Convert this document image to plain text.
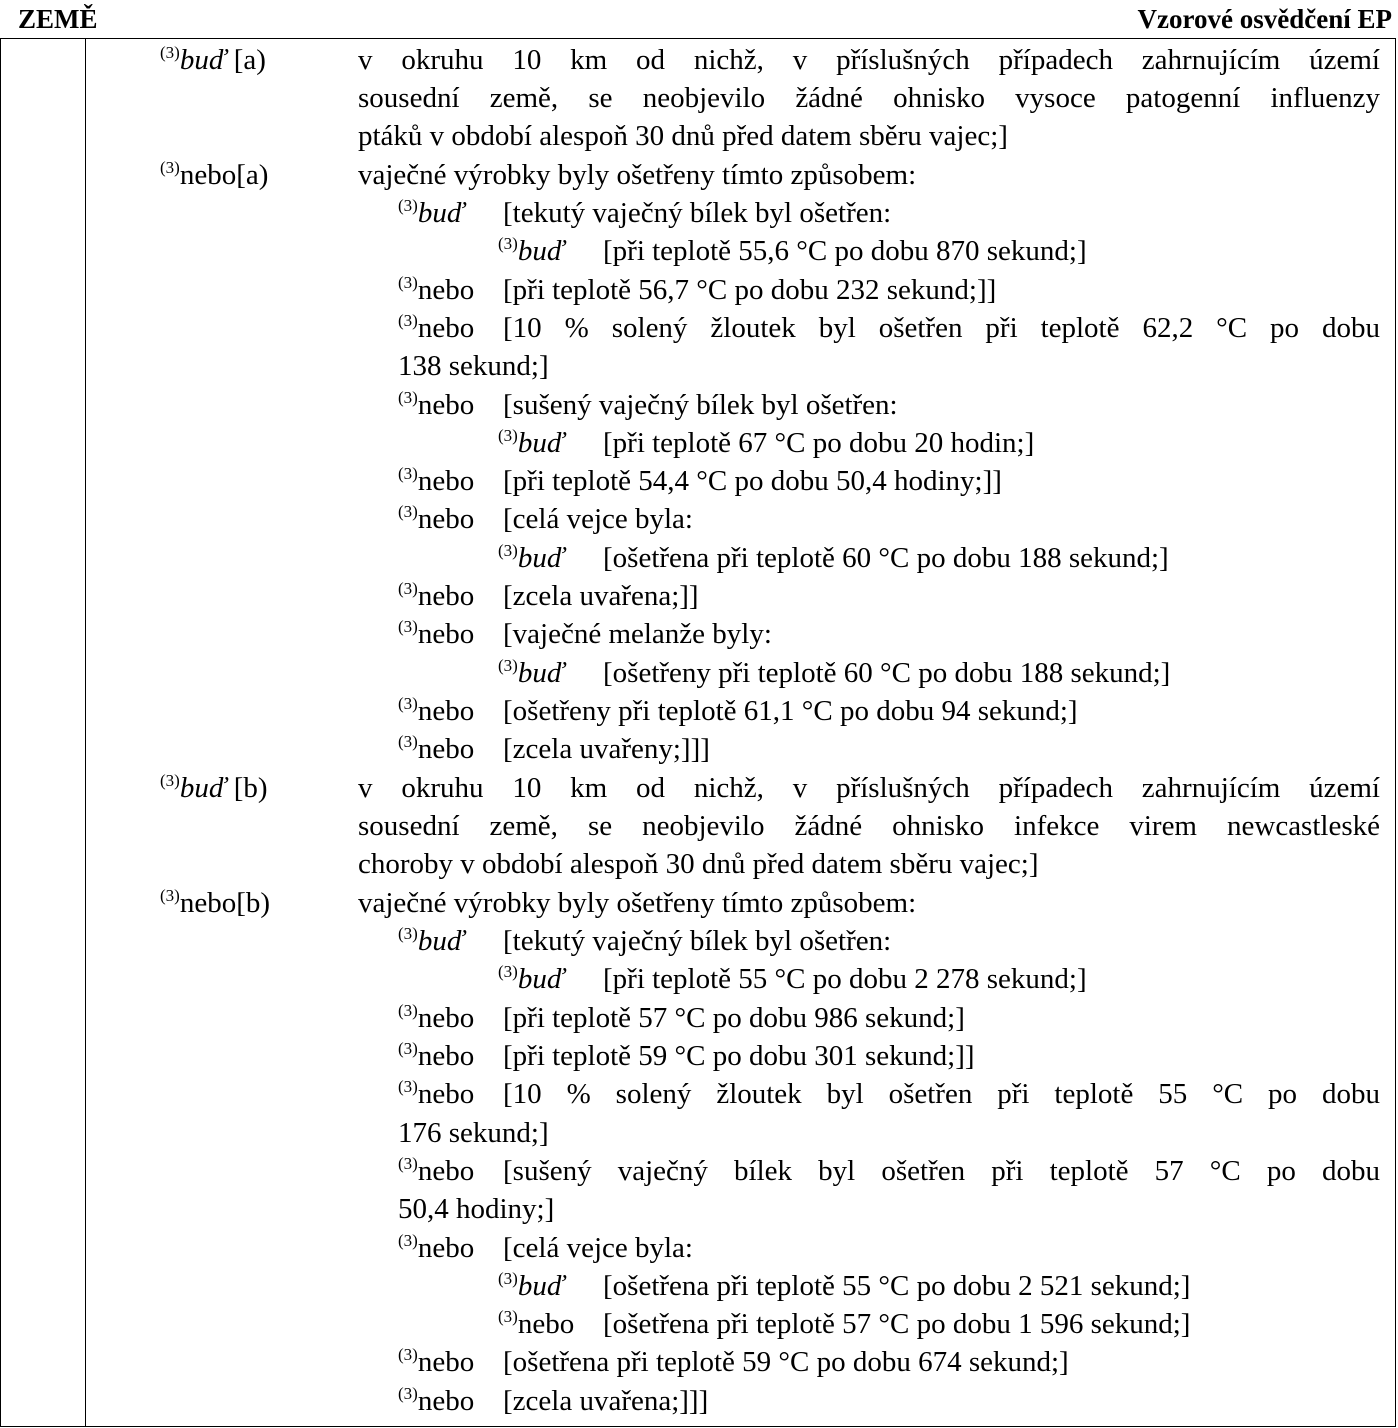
ZEMĚ	Vzorové osvědčení EP
$^{(3)}$buď [a)	v okruhu 10 km od nichž, v příslušných případech zahrnujícím území
sousední země, se neobjevilo žádné ohnisko vysoce patogenní influenzy
ptáků v období alespoň 30 dnů před datem sběru vajec;]
$^{(3)}$nebo[a)	vaječné výrobky byly ošetřeny tímto způsobem:
$^{(3)}$buď [tekutý vaječný bílek byl ošetřen:
$^{(3)}$buď [při teplotě 55,6 °C po dobu 870 sekund;]
$^{(3)}$nebo [při teplotě 56,7 °C po dobu 232 sekund;]]
$^{(3)}$nebo [10 % solený žloutek byl ošetřen při teplotě 62,2 °C po dobu
138 sekund;]
$^{(3)}$nebo [sušený vaječný bílek byl ošetřen:
$^{(3)}$buď [při teplotě 67 °C po dobu 20 hodin;]
$^{(3)}$nebo [při teplotě 54,4 °C po dobu 50,4 hodiny;]]
$^{(3)}$nebo [celá vejce byla:
$^{(3)}$buď [ošetřena při teplotě 60 °C po dobu 188 sekund;]
$^{(3)}$nebo [zcela uvařena;]]
$^{(3)}$nebo [vaječné melanže byly:
$^{(3)}$buď [ošetřeny při teplotě 60 °C po dobu 188 sekund;]
$^{(3)}$nebo [ošetřeny při teplotě 61,1 °C po dobu 94 sekund;]
$^{(3)}$nebo [zcela uvařeny;]]]
$^{(3)}$buď [b)	v okruhu 10 km od nichž, v příslušných případech zahrnujícím území
sousední země, se neobjevilo žádné ohnisko infekce virem newcastleské
choroby v období alespoň 30 dnů před datem sběru vajec;]
$^{(3)}$nebo[b)	vaječné výrobky byly ošetřeny tímto způsobem:
$^{(3)}$buď [tekutý vaječný bílek byl ošetřen:
$^{(3)}$buď [při teplotě 55 °C po dobu 2 278 sekund;]
$^{(3)}$nebo [při teplotě 57 °C po dobu 986 sekund;]
$^{(3)}$nebo [při teplotě 59 °C po dobu 301 sekund;]]
$^{(3)}$nebo [10 % solený žloutek byl ošetřen při teplotě 55 °C po dobu
176 sekund;]
$^{(3)}$nebo [sušený vaječný bílek byl ošetřen při teplotě 57 °C po dobu
50,4 hodiny;]
$^{(3)}$nebo [celá vejce byla:
$^{(3)}$buď [ošetřena při teplotě 55 °C po dobu 2 521 sekund;]
$^{(3)}$nebo [ošetřena při teplotě 57 °C po dobu 1 596 sekund;]
$^{(3)}$nebo [ošetřena při teplotě 59 °C po dobu 674 sekund;]
$^{(3)}$nebo [zcela uvařena;]]]
